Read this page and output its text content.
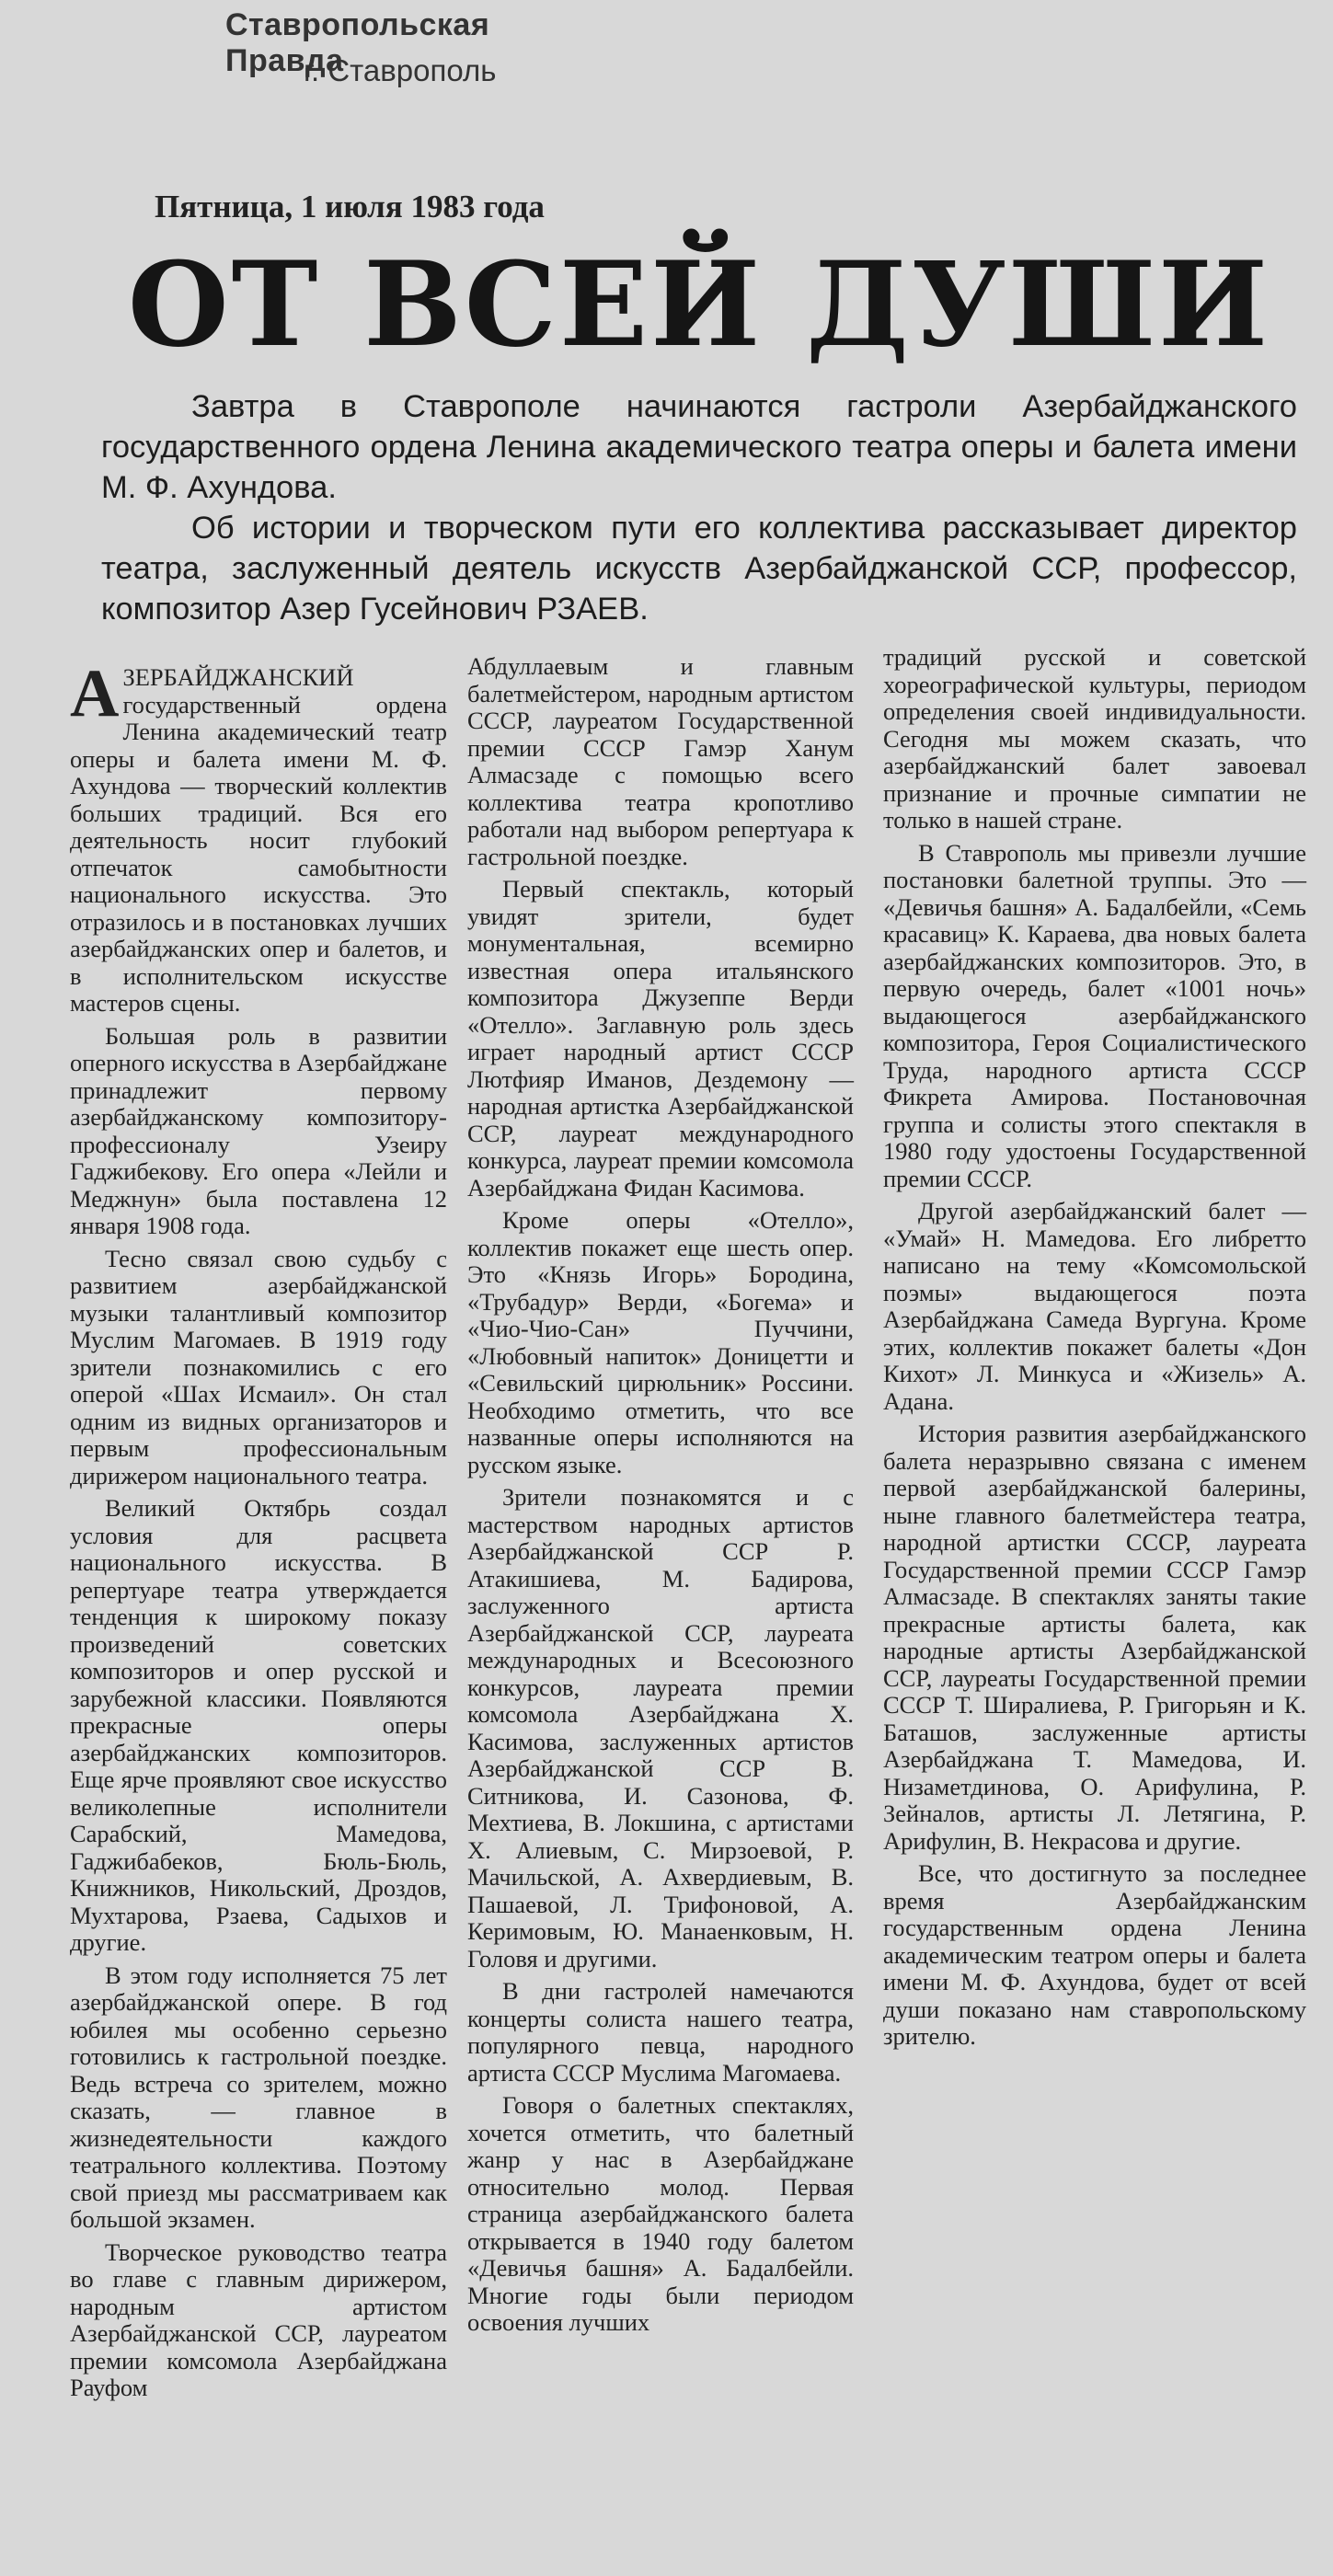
Ставропольская Правда

г. Ставрополь

Пятница, 1 июля 1983 года

ОТ ВСЕЙ ДУШИ

Завтра в Ставрополе начинаются гастроли Азербайджанского государственного ордена Ленина академического театра оперы и балета имени М. Ф. Ахундова.

Об истории и творческом пути его коллектива рассказывает директор театра, заслуженный деятель искусств Азербайджанской ССР, профессор, композитор Азер Гусейнович РЗАЕВ.

АЗЕРБАЙДЖАНСКИЙ государственный ордена Ленина академический театр оперы и балета имени М. Ф. Ахундова — творческий коллектив больших традиций. Вся его деятельность носит глубокий отпечаток самобытности национального искусства. Это отразилось и в постановках лучших азербайджанских опер и балетов, и в исполнительском искусстве мастеров сцены.

Большая роль в развитии оперного искусства в Азербайджане принадлежит первому азербайджанскому композитору-профессионалу Узеиру Гаджибекову. Его опера «Лейли и Меджнун» была поставлена 12 января 1908 года.

Тесно связал свою судьбу с развитием азербайджанской музыки талантливый композитор Муслим Магомаев. В 1919 году зрители познакомились с его оперой «Шах Исмаил». Он стал одним из видных организаторов и первым профессиональным дирижером национального театра.

Великий Октябрь создал условия для расцвета национального искусства. В репертуаре театра утверждается тенденция к широкому показу произведений советских композиторов и опер русской и зарубежной классики. Появляются прекрасные оперы азербайджанских композиторов. Еще ярче проявляют свое искусство великолепные исполнители Сарабский, Мамедова, Гаджибабеков, Бюль-Бюль, Книжников, Никольский, Дроздов, Мухтарова, Рзаева, Садыхов и другие.

В этом году исполняется 75 лет азербайджанской опере. В год юбилея мы особенно серьезно готовились к гастрольной поездке. Ведь встреча со зрителем, можно сказать, — главное в жизнедеятельности каждого театрального коллектива. Поэтому свой приезд мы рассматриваем как большой экзамен.

Творческое руководство театра во главе с главным дирижером, народным артистом Азербайджанской ССР, лауреатом премии комсомола Азербайджана Рауфом

Абдуллаевым и главным балетмейстером, народным артистом СССР, лауреатом Государственной премии СССР Гамэр Ханум Алмасзаде с помощью всего коллектива театра кропотливо работали над выбором репертуара к гастрольной поездке.

Первый спектакль, который увидят зрители, будет монументальная, всемирно известная опера итальянского композитора Джузеппе Верди «Отелло». Заглавную роль здесь играет народный артист СССР Лютфияр Иманов, Дездемону — народная артистка Азербайджанской ССР, лауреат международного конкурса, лауреат премии комсомола Азербайджана Фидан Касимова.

Кроме оперы «Отелло», коллектив покажет еще шесть опер. Это «Князь Игорь» Бородина, «Трубадур» Верди, «Богема» и «Чио-Чио-Сан» Пуччини, «Любовный напиток» Доницетти и «Севильский цирюльник» Россини. Необходимо отметить, что все названные оперы исполняются на русском языке.

Зрители познакомятся и с мастерством народных артистов Азербайджанской ССР Р. Атакишиева, М. Бадирова, заслуженного артиста Азербайджанской ССР, лауреата международных и Всесоюзного конкурсов, лауреата премии комсомола Азербайджана Х. Касимова, заслуженных артистов Азербайджанской ССР В. Ситникова, И. Сазонова, Ф. Мехтиева, В. Локшина, с артистами Х. Алиевым, С. Мирзоевой, Р. Мачильской, А. Ахвердиевым, В. Пашаевой, Л. Трифоновой, А. Керимовым, Ю. Манаенковым, Н. Головя и другими.

В дни гастролей намечаются концерты солиста нашего театра, популярного певца, народного артиста СССР Муслима Магомаева.

Говоря о балетных спектаклях, хочется отметить, что балетный жанр у нас в Азербайджане относительно молод. Первая страница азербайджанского балета открывается в 1940 году балетом «Девичья башня» А. Бадалбейли. Многие годы были периодом освоения лучших

традиций русской и советской хореографической культуры, периодом определения своей индивидуальности. Сегодня мы можем сказать, что азербайджанский балет завоевал признание и прочные симпатии не только в нашей стране.

В Ставрополь мы привезли лучшие постановки балетной труппы. Это — «Девичья башня» А. Бадалбейли, «Семь красавиц» К. Караева, два новых балета азербайджанских композиторов. Это, в первую очередь, балет «1001 ночь» выдающегося азербайджанского композитора, Героя Социалистического Труда, народного артиста СССР Фикрета Амирова. Постановочная группа и солисты этого спектакля в 1980 году удостоены Государственной премии СССР.

Другой азербайджанский балет — «Умай» Н. Мамедова. Его либретто написано на тему «Комсомольской поэмы» выдающегося поэта Азербайджана Самеда Вургуна. Кроме этих, коллектив покажет балеты «Дон Кихот» Л. Минкуса и «Жизель» А. Адана.

История развития азербайджанского балета неразрывно связана с именем первой азербайджанской балерины, ныне главного балетмейстера театра, народной артистки СССР, лауреата Государственной премии СССР Гамэр Алмасзаде. В спектаклях заняты такие прекрасные артисты балета, как народные артисты Азербайджанской ССР, лауреаты Государственной премии СССР Т. Ширалиева, Р. Григорьян и К. Баташов, заслуженные артисты Азербайджана Т. Мамедова, И. Низаметдинова, О. Арифулина, Р. Зейналов, артисты Л. Летягина, Р. Арифулин, В. Некрасова и другие.

Все, что достигнуто за последнее время Азербайджанским государственным ордена Ленина академическим театром оперы и балета имени М. Ф. Ахундова, будет от всей души показано нам ставропольскому зрителю.
